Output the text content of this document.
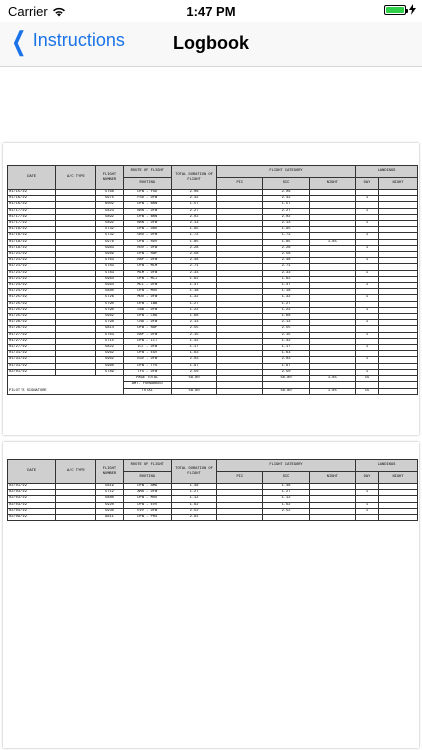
Carrier	1:47 PM
❮ Instructions	Logbook
DATE	A/C TYPE	FLIGHT NUMBER	ROUTE OF FLIGHT	TOTAL DURATION OF FLIGHT	FLIGHT CATEGORY			LANDINGS	
			ROUTING		PIC	SIC	NIGHT	DAY	NIGHT
01/15/19		5768	DFW - FSD	2.06		2.06			
01/16/19		5975	FSD - DFW	2.42		2.42		1	
01/16/19		6002	DFW - BRN	1.57		1.57			
01/17/19		5823	BRN - DFW	2.27		2.27		1	
01/17/19		5892	DFW - BRN	2.02		2.02			
01/17/19		5892	BRN - DFW	2.13		2.13		1	
01/18/19		5732	DFW - GRO	1.95		1.95			
01/18/19		5732	GRO - DFW	1.72		1.72		1	
01/18/19		5976	DFW - RDV	1.85		1.85	1.85		
01/19/19		5983	RDV - DFW	2.28		2.28		1	
01/21/19		5969	DFW - RAP	2.58		2.58			
01/21/19		5763	RAP - DFW	2.48		2.48		1	
01/21/19		5783	DFW - MLM	2.71		2.71			
01/21/19		5783	MLM - DFW	2.33		2.33		1	
01/21/19		5964	DFW - MCI	1.62		1.62			
01/24/19		5964	MCI - DFW	1.47		1.47		1	
01/24/19		5880	DFW - MOU	1.18		1.18			
01/25/19		5726	MOU - DFW	1.32		1.32		1	
01/25/19		5790	DFW - LBB	1.27		1.27			
01/25/19		5790	LBB - DFW	1.22		1.22		1	
01/25/19		5962	DFW - CHA	1.68		1.68			
01/26/19		5798	CHA - DFW	2.13		2.13		1	
01/26/19		5814	DFW - RAP	2.55		2.55			
01/27/19		5763	RAP - DFW	2.15		2.15		1	
01/27/19		5715	DFW - ICT	1.42		1.42			
01/27/19		5822	ICT - DFW	1.17		1.17		1	
01/31/19		5962	DFW - EGV	1.63		1.63			
01/31/19		5962	EGV - DFW	2.03		2.03		1	
01/31/19		5960	DFW - TYS	1.97		1.97			
02/01/19		5789	TYS - DFW	2.50		2.50		1	
PILOT'S SIGNATURE			PAGE TOTAL	58.80		58.80	1.85	15	
			AMT. FORWARDED						
			TOTAL	58.80		58.80	1.85	15	
DATE	A/C TYPE	FLIGHT NUMBER	ROUTE OF FLIGHT	TOTAL DURATION OF FLIGHT	FLIGHT CATEGORY			LANDINGS	
			ROUTING		PIC	SIC	NIGHT	DAY	NIGHT
02/01/19		5819	DFW - AMA	1.48		1.48			
02/03/19		5712	AMA - DFW	1.27		1.27		1	
02/03/19		5880	DFW - MOU	1.12		1.12			
02/03/19		5920	DFW - EVV	1.62		1.62		1	
02/04/19		5930	EVV - DFW	2.52		2.52		1	
02/09/19		9811	DFW - PHX	2.82					
